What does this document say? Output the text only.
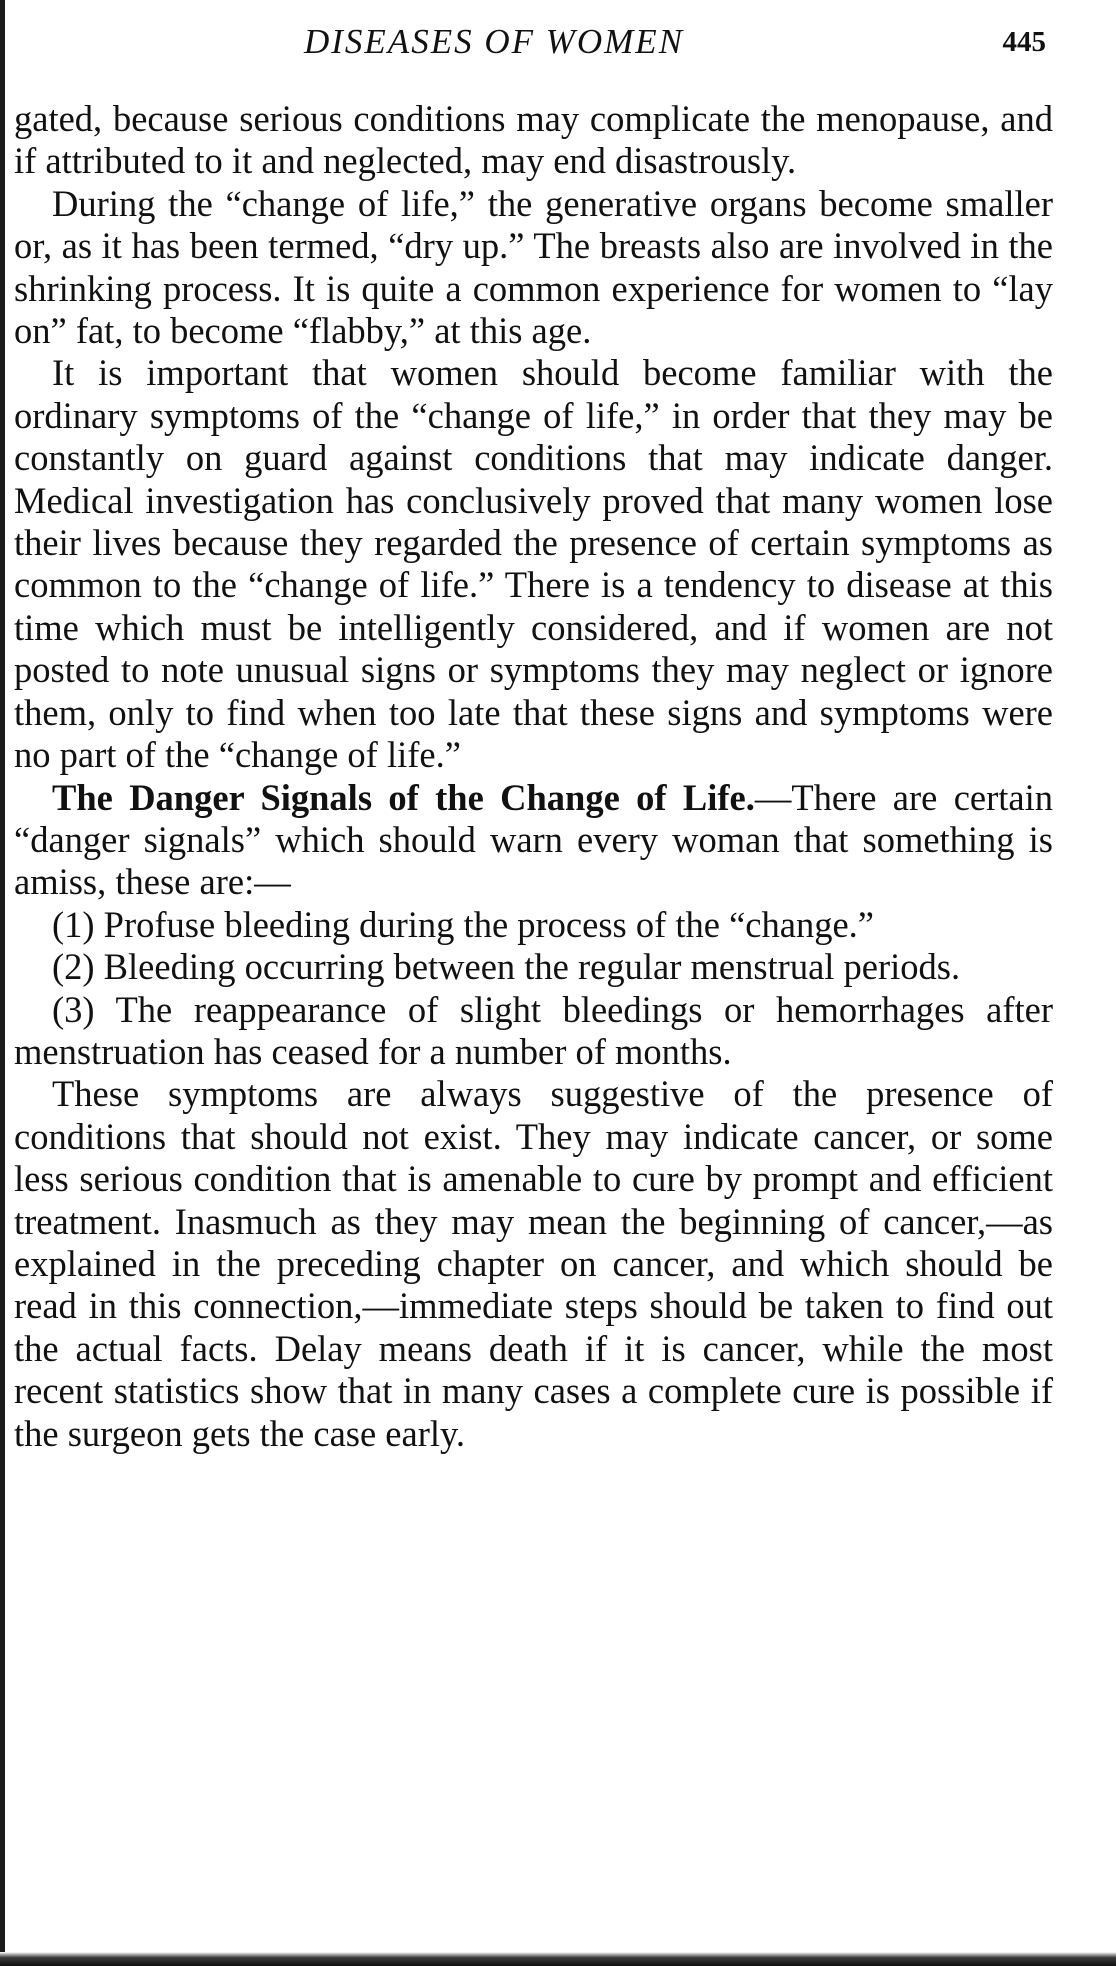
DISEASES OF WOMEN	445

gated, because serious conditions may complicate the menopause, and if attributed to it and neglected, may end disastrously.

During the “change of life,” the generative organs become smaller or, as it has been termed, “dry up.” The breasts also are involved in the shrinking process. It is quite a common experience for women to “lay on” fat, to become “flabby,” at this age.

It is important that women should become familiar with the ordinary symptoms of the “change of life,” in order that they may be constantly on guard against conditions that may indicate danger. Medical investigation has conclusively proved that many women lose their lives because they regarded the presence of certain symptoms as common to the “change of life.” There is a tendency to disease at this time which must be intelligently considered, and if women are not posted to note unusual signs or symptoms they may neglect or ignore them, only to find when too late that these signs and symptoms were no part of the “change of life.”

The Danger Signals of the Change of Life.—There are certain “danger signals” which should warn every woman that something is amiss, these are:—

(1) Profuse bleeding during the process of the “change.”

(2) Bleeding occurring between the regular menstrual periods.

(3) The reappearance of slight bleedings or hemorrhages after menstruation has ceased for a number of months.

These symptoms are always suggestive of the presence of conditions that should not exist. They may indicate cancer, or some less serious condition that is amenable to cure by prompt and efficient treatment. Inasmuch as they may mean the beginning of cancer,—as explained in the preceding chapter on cancer, and which should be read in this connection,—immediate steps should be taken to find out the actual facts. Delay means death if it is cancer, while the most recent statistics show that in many cases a complete cure is possible if the surgeon gets the case early.
